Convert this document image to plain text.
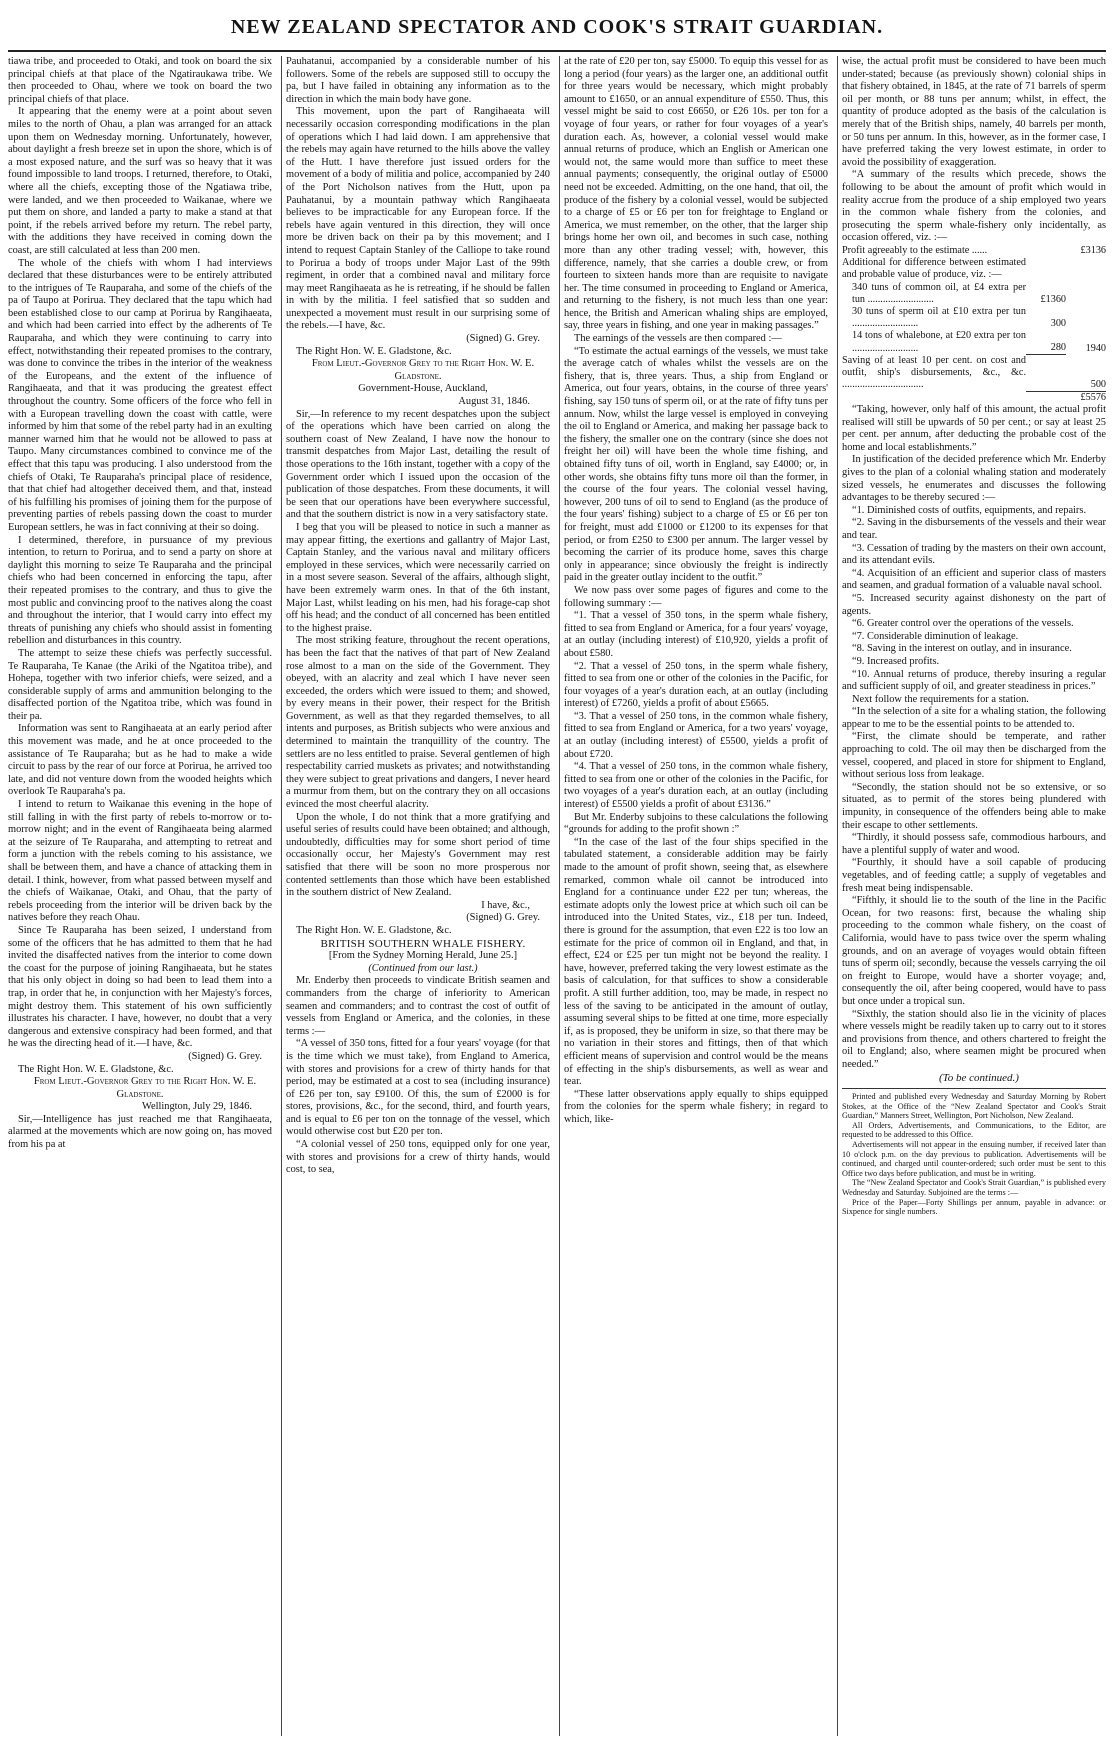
NEW ZEALAND SPECTATOR AND COOK'S STRAIT GUARDIAN.

tiawa tribe, and proceeded to Otaki, and took on board the six principal chiefs at that place of the Ngatiraukawa tribe. We then proceeded to Ohau, where we took on board the two principal chiefs of that place.

It appearing that the enemy were at a point about seven miles to the north of Ohau, a plan was arranged for an attack upon them on Wednesday morning. Unfortunately, however, about daylight a fresh breeze set in upon the shore, which is of a most exposed nature, and the surf was so heavy that it was found impossible to land troops. I returned, therefore, to Otaki, where all the chiefs, excepting those of the Ngatiawa tribe, were landed, and we then proceeded to Waikanae, where we put them on shore, and landed a party to make a stand at that point, if the rebels arrived before my return. The rebel party, with the additions they have received in coming down the coast, are still calculated at less than 200 men.

The whole of the chiefs with whom I had interviews declared that these disturbances were to be entirely attributed to the intrigues of Te Rauparaha, and some of the chiefs of the pa of Taupo at Porirua. They declared that the tapu which had been established close to our camp at Porirua by Rangihaeata, and which had been carried into effect by the adherents of Te Rauparaha, and which they were continuing to carry into effect, notwithstanding their repeated promises to the contrary, was done to convince the tribes in the interior of the weakness of the Europeans, and the extent of the influence of Rangihaeata, and that it was producing the greatest effect throughout the country. Some officers of the force who fell in with a European travelling down the coast with cattle, were informed by him that some of the rebel party had in an exulting manner warned him that he would not be allowed to pass at Taupo. Many circumstances combined to convince me of the effect that this tapu was producing. I also understood from the chiefs of Otaki, Te Rauparaha's principal place of residence, that that chief had altogether deceived them, and that, instead of his fulfilling his promises of joining them for the purpose of preventing parties of rebels passing down the coast to murder European settlers, he was in fact conniving at their so doing.

I determined, therefore, in pursuance of my previous intention, to return to Porirua, and to send a party on shore at daylight this morning to seize Te Rauparaha and the principal chiefs who had been concerned in enforcing the tapu, after their repeated promises to the contrary, and thus to give the most public and convincing proof to the natives along the coast and throughout the interior, that I would carry into effect my threats of punishing any chiefs who should assist in fomenting rebellion and disturbances in this country.

The attempt to seize these chiefs was perfectly successful. Te Rauparaha, Te Kanae (the Ariki of the Ngatitoa tribe), and Hohepa, together with two inferior chiefs, were seized, and a considerable supply of arms and ammunition belonging to the disaffected portion of the Ngatitoa tribe, which was found in their pa.

Information was sent to Rangihaeata at an early period after this movement was made, and he at once proceeded to the assistance of Te Rauparaha; but as he had to make a wide circuit to pass by the rear of our force at Porirua, he arrived too late, and did not venture down from the wooded heights which overlook Te Rauparaha's pa.

I intend to return to Waikanae this evening in the hope of still falling in with the first party of rebels to-morrow or to-morrow night; and in the event of Rangihaeata being alarmed at the seizure of Te Rauparaha, and attempting to retreat and form a junction with the rebels coming to his assistance, we shall be between them, and have a chance of attacking them in detail. I think, however, from what passed between myself and the chiefs of Waikanae, Otaki, and Ohau, that the party of rebels proceeding from the interior will be driven back by the natives before they reach Ohau.

Since Te Rauparaha has been seized, I understand from some of the officers that he has admitted to them that he had invited the disaffected natives from the interior to come down the coast for the purpose of joining Rangihaeata, but he states that his only object in doing so had been to lead them into a trap, in order that he, in conjunction with her Majesty's forces, might destroy them. This statement of his own sufficiently illustrates his character. I have, however, no doubt that a very dangerous and extensive conspiracy had been formed, and that he was the directing head of it.—I have, &c.

(Signed) G. Grey.

The Right Hon. W. E. Gladstone, &c.

From Lieut.-Governor Grey to the Right Hon. W. E. Gladstone.

Wellington, July 29, 1846.

Sir,—Intelligence has just reached me that Rangihaeata, alarmed at the movements which are now going on, has moved from his pa at

Pauhatanui, accompanied by a considerable number of his followers. Some of the rebels are supposed still to occupy the pa, but I have failed in obtaining any information as to the direction in which the main body have gone.

This movement, upon the part of Rangihaeata will necessarily occasion corresponding modifications in the plan of operations which I had laid down. I am apprehensive that the rebels may again have returned to the hills above the valley of the Hutt. I have therefore just issued orders for the movement of a body of militia and police, accompanied by 240 of the Port Nicholson natives from the Hutt, upon pa Pauhatanui, by a mountain pathway which Rangihaeata believes to be impracticable for any European force. If the rebels have again ventured in this direction, they will once more be driven back on their pa by this movement; and I intend to request Captain Stanley of the Calliope to take round to Porirua a body of troops under Major Last of the 99th regiment, in order that a combined naval and military force may meet Rangihaeata as he is retreating, if he should be fallen in with by the militia. I feel satisfied that so sudden and unexpected a movement must result in our surprising some of the rebels.—I have, &c.

(Signed) G. Grey.

The Right Hon. W. E. Gladstone, &c.

From Lieut.-Governor Grey to the Right Hon. W. E. Gladstone.

Government-House, Auckland,

August 31, 1846.

Sir,—In reference to my recent despatches upon the subject of the operations which have been carried on along the southern coast of New Zealand, I have now the honour to transmit despatches from Major Last, detailing the result of those operations to the 16th instant, together with a copy of the Government order which I issued upon the occasion of the publication of those despatches. From these documents, it will be seen that our operations have been everywhere successful, and that the southern district is now in a very satisfactory state.

I beg that you will be pleased to notice in such a manner as may appear fitting, the exertions and gallantry of Major Last, Captain Stanley, and the various naval and military officers employed in these services, which were necessarily carried on in a most severe season. Several of the affairs, although slight, have been extremely warm ones. In that of the 6th instant, Major Last, whilst leading on his men, had his forage-cap shot off his head; and the conduct of all concerned has been entitled to the highest praise.

The most striking feature, throughout the recent operations, has been the fact that the natives of that part of New Zealand rose almost to a man on the side of the Government. They obeyed, with an alacrity and zeal which I have never seen exceeded, the orders which were issued to them; and showed, by every means in their power, their respect for the British Government, as well as that they regarded themselves, to all intents and purposes, as British subjects who were anxious and determined to maintain the tranquillity of the country. The settlers are no less entitled to praise. Several gentlemen of high respectability carried muskets as privates; and notwithstanding they were subject to great privations and dangers, I never heard a murmur from them, but on the contrary they on all occasions evinced the most cheerful alacrity.

Upon the whole, I do not think that a more gratifying and useful series of results could have been obtained; and although, undoubtedly, difficulties may for some short period of time occasionally occur, her Majesty's Government may rest satisfied that there will be soon no more prosperous nor contented settlements than those which have been established in the southern district of New Zealand.

I have, &c.,

(Signed) G. Grey.

The Right Hon. W. E. Gladstone, &c.

BRITISH SOUTHERN WHALE FISHERY.

[From the Sydney Morning Herald, June 25.]

(Continued from our last.)

Mr. Enderby then proceeds to vindicate British seamen and commanders from the charge of inferiority to American seamen and commanders; and to contrast the cost of outfit of vessels from England or America, and the colonies, in these terms :—

“A vessel of 350 tons, fitted for a four years' voyage (for that is the time which we must take), from England to America, with stores and provisions for a crew of thirty hands for that period, may be estimated at a cost to sea (including insurance) of £26 per ton, say £9100. Of this, the sum of £2000 is for stores, provisions, &c., for the second, third, and fourth years, and is equal to £6 per ton on the tonnage of the vessel, which would otherwise cost but £20 per ton.

“A colonial vessel of 250 tons, equipped only for one year, with stores and provisions for a crew of thirty hands, would cost, to sea,

at the rate of £20 per ton, say £5000. To equip this vessel for as long a period (four years) as the larger one, an additional outfit for three years would be necessary, which might probably amount to £1650, or an annual expenditure of £550. Thus, this vessel might be said to cost £6650, or £26 10s. per ton for a voyage of four years, or rather for four voyages of a year's duration each. As, however, a colonial vessel would make annual returns of produce, which an English or American one would not, the same would more than suffice to meet these annual payments; consequently, the original outlay of £5000 need not be exceeded. Admitting, on the one hand, that oil, the produce of the fishery by a colonial vessel, would be subjected to a charge of £5 or £6 per ton for freightage to England or America, we must remember, on the other, that the larger ship brings home her own oil, and becomes in such case, nothing more than any other trading vessel; with, however, this difference, namely, that she carries a double crew, or from fourteen to sixteen hands more than are requisite to navigate her. The time consumed in proceeding to England or America, and returning to the fishery, is not much less than one year: hence, the British and American whaling ships are employed, say, three years in fishing, and one year in making passages.”

The earnings of the vessels are then compared :—

“To estimate the actual earnings of the vessels, we must take the average catch of whales whilst the vessels are on the fishery, that is, three years. Thus, a ship from England or America, out four years, obtains, in the course of three years' fishing, say 150 tuns of sperm oil, or at the rate of fifty tuns per annum. Now, whilst the large vessel is employed in conveying the oil to England or America, and making her passage back to the fishery, the smaller one on the contrary (since she does not freight her oil) will have been the whole time fishing, and obtained fifty tuns of oil, worth in England, say £4000; or, in other words, she obtains fifty tuns more oil than the former, in the course of the four years. The colonial vessel having, however, 200 tuns of oil to send to England (as the produce of the four years' fishing) subject to a charge of £5 or £6 per ton for freight, must add £1000 or £1200 to its expenses for that period, or from £250 to £300 per annum. The larger vessel by becoming the carrier of its produce home, saves this charge only in appearance; since obviously the freight is indirectly paid in the greater outlay incident to the outfit.”

We now pass over some pages of figures and come to the following summary :—

“1. That a vessel of 350 tons, in the sperm whale fishery, fitted to sea from England or America, for a four years' voyage, at an outlay (including interest) of £10,920, yields a profit of about £580.

“2. That a vessel of 250 tons, in the sperm whale fishery, fitted to sea from one or other of the colonies in the Pacific, for four voyages of a year's duration each, at an outlay (including interest) of £7260, yields a profit of about £5665.

“3. That a vessel of 250 tons, in the common whale fishery, fitted to sea from England or America, for a two years' voyage, at an outlay (including interest) of £5500, yields a profit of about £720.

“4. That a vessel of 250 tons, in the common whale fishery, fitted to sea from one or other of the colonies in the Pacific, for two voyages of a year's duration each, at an outlay (including interest) of £5500 yields a profit of about £3136.”

But Mr. Enderby subjoins to these calculations the following “grounds for adding to the profit shown :”

“In the case of the last of the four ships specified in the tabulated statement, a considerable addition may be fairly made to the amount of profit shown, seeing that, as elsewhere remarked, common whale oil cannot be introduced into England for a continuance under £22 per tun; whereas, the estimate adopts only the lowest price at which such oil can be introduced into the United States, viz., £18 per tun. Indeed, there is ground for the assumption, that even £22 is too low an estimate for the price of common oil in England, and that, in effect, £24 or £25 per tun might not be beyond the reality. I have, however, preferred taking the very lowest estimate as the basis of calculation, for that suffices to show a considerable profit. A still further addition, too, may be made, in respect no less of the saving to be anticipated in the amount of outlay, assuming several ships to be fitted at one time, more especially if, as is proposed, they be uniform in size, so that there may be no variation in their stores and fittings, then of that which efficient means of supervision and control would be the means of effecting in the ship's disbursements, as well as wear and tear.

“These latter observations apply equally to ships equipped from the colonies for the sperm whale fishery; in regard to which, like-

wise, the actual profit must be considered to have been much under-stated; because (as previously shown) colonial ships in that fishery obtained, in 1845, at the rate of 71 barrels of sperm oil per month, or 88 tuns per annum; whilst, in effect, the quantity of produce adopted as the basis of the calculation is merely that of the British ships, namely, 40 barrels per month, or 50 tuns per annum. In this, however, as in the former case, I have preferred taking the very lowest estimate, in order to avoid the possibility of exaggeration.

“A summary of the results which precede, shows the following to be about the amount of profit which would in reality accrue from the produce of a ship employed two years in the common whale fishery from the colonies, and prosecuting the sperm whale-fishery only incidentally, as occasion offered, viz. :—

Profit agreeably to the estimate ......		£3136
Additional for difference between estimated and probable value of produce, viz. :—		
340 tuns of common oil, at £4 extra per tun ..........................	£1360	
30 tuns of sperm oil at £10 extra per tun ..........................	300	
14 tons of whalebone, at £20 extra per ton ..........................	280	1940
Saving of at least 10 per cent. on cost and outfit, ship's disbursements, &c., &c. ................................		500
		£5576

“Taking, however, only half of this amount, the actual profit realised will still be upwards of 50 per cent.; or say at least 25 per cent. per annum, after deducting the probable cost of the home and local establishments.”

In justification of the decided preference which Mr. Enderby gives to the plan of a colonial whaling station and moderately sized vessels, he enumerates and discusses the following advantages to be thereby secured :—

“1. Diminished costs of outfits, equipments, and repairs.

“2. Saving in the disbursements of the vessels and their wear and tear.

“3. Cessation of trading by the masters on their own account, and its attendant evils.

“4. Acquisition of an efficient and superior class of masters and seamen, and gradual formation of a valuable naval school.

“5. Increased security against dishonesty on the part of agents.

“6. Greater control over the operations of the vessels.

“7. Considerable diminution of leakage.

“8. Saving in the interest on outlay, and in insurance.

“9. Increased profits.

“10. Annual returns of produce, thereby insuring a regular and sufficient supply of oil, and greater steadiness in prices.”

Next follow the requirements for a station.

“In the selection of a site for a whaling station, the following appear to me to be the essential points to be attended to.

“First, the climate should be temperate, and rather approaching to cold. The oil may then be discharged from the vessel, coopered, and placed in store for shipment to England, without serious loss from leakage.

“Secondly, the station should not be so extensive, or so situated, as to permit of the stores being plundered with impunity, in consequence of the offenders being able to make their escape to other settlements.

“Thirdly, it should possess safe, commodious harbours, and have a plentiful supply of water and wood.

“Fourthly, it should have a soil capable of producing vegetables, and of feeding cattle; a supply of vegetables and fresh meat being indispensable.

“Fifthly, it should lie to the south of the line in the Pacific Ocean, for two reasons: first, because the whaling ship proceeding to the common whale fishery, on the coast of California, would have to pass twice over the sperm whaling grounds, and on an average of voyages would obtain fifteen tuns of sperm oil; secondly, because the vessels carrying the oil on freight to Europe, would have a shorter voyage; and, consequently the oil, after being coopered, would have to pass but once under a tropical sun.

“Sixthly, the station should also lie in the vicinity of places where vessels might be readily taken up to carry out to it stores and provisions from thence, and others chartered to freight the oil to England; also, where seamen might be procured when needed.”

(To be continued.)

Printed and published every Wednesday and Saturday Morning by Robert Stokes, at the Office of the “New Zealand Spectator and Cook's Strait Guardian,” Manners Street, Wellington, Port Nicholson, New Zealand.

All Orders, Advertisements, and Communications, to the Editor, are requested to be addressed to this Office.

Advertisements will not appear in the ensuing number, if received later than 10 o'clock p.m. on the day previous to publication. Advertisements will be continued, and charged until counter-ordered; such order must be sent to this Office two days before publication, and must be in writing.

The “New Zealand Spectator and Cook's Strait Guardian,” is published every Wednesday and Saturday. Subjoined are the terms :—

Price of the Paper—Forty Shillings per annum, payable in advance: or Sixpence for single numbers.
